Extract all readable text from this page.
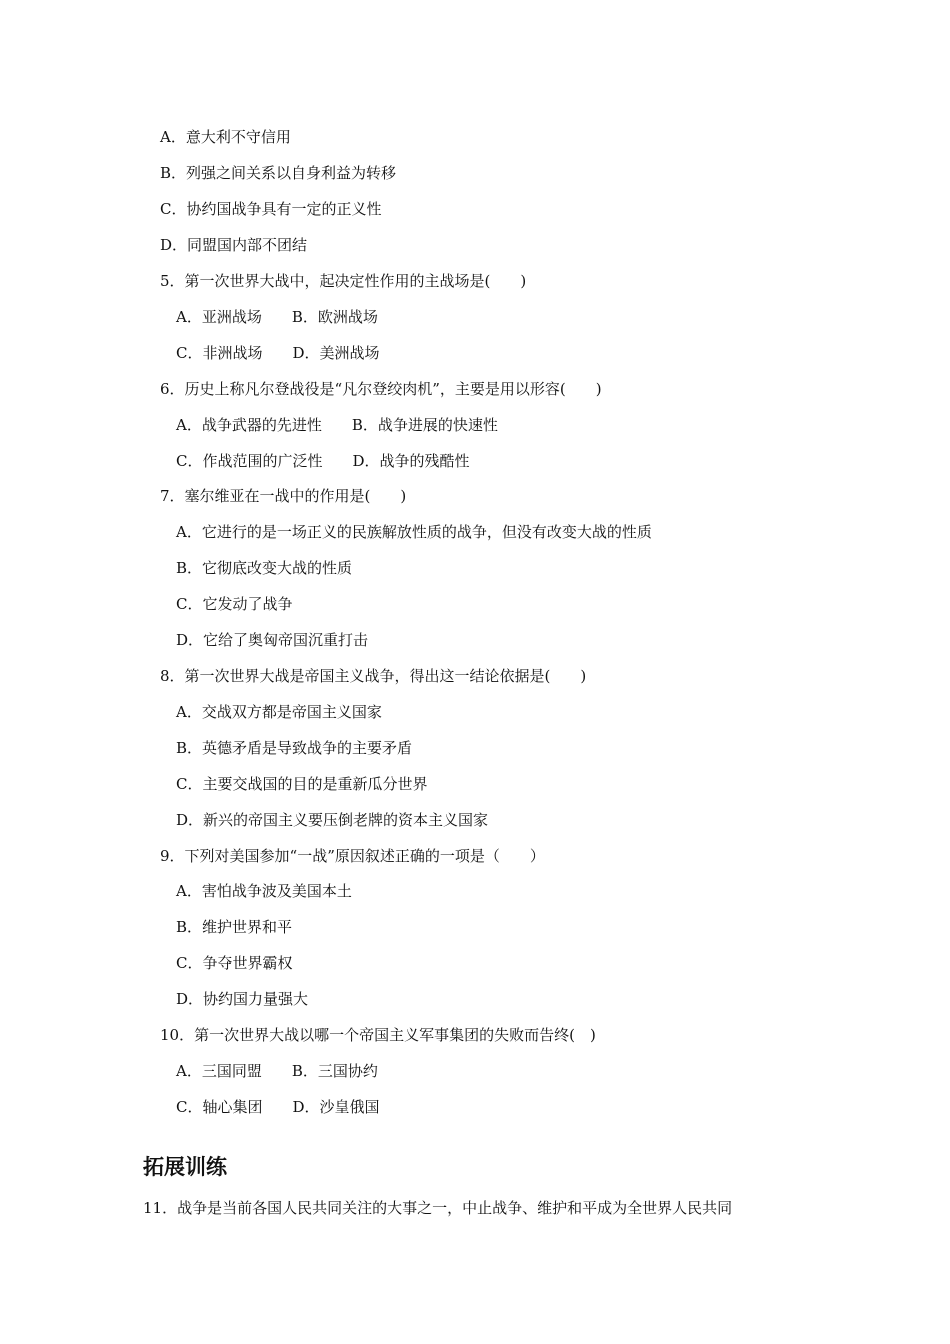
A．意大利不守信用
B．列强之间关系以自身利益为转移
C．协约国战争具有一定的正义性
D．同盟国内部不团结
5．第一次世界大战中，起决定性作用的主战场是(　　)
A．亚洲战场　　B．欧洲战场
C．非洲战场　　D．美洲战场
6．历史上称凡尔登战役是“凡尔登绞肉机”，主要是用以形容(　　)
A．战争武器的先进性　　B．战争进展的快速性
C．作战范围的广泛性　　D．战争的残酷性
7．塞尔维亚在一战中的作用是(　　)
A．它进行的是一场正义的民族解放性质的战争，但没有改变大战的性质
B．它彻底改变大战的性质
C．它发动了战争
D．它给了奥匈帝国沉重打击
8．第一次世界大战是帝国主义战争，得出这一结论依据是(　　)
A．交战双方都是帝国主义国家
B．英德矛盾是导致战争的主要矛盾
C．主要交战国的目的是重新瓜分世界
D．新兴的帝国主义要压倒老牌的资本主义国家
9．下列对美国参加“一战”原因叙述正确的一项是（　　）
A．害怕战争波及美国本土
B．维护世界和平
C．争夺世界霸权
D．协约国力量强大
10．第一次世界大战以哪一个帝国主义军事集团的失败而告终(　)
A．三国同盟　　B．三国协约
C．轴心集团　　D．沙皇俄国
拓展训练
11．战争是当前各国人民共同关注的大事之一，中止战争、维护和平成为全世界人民共同
